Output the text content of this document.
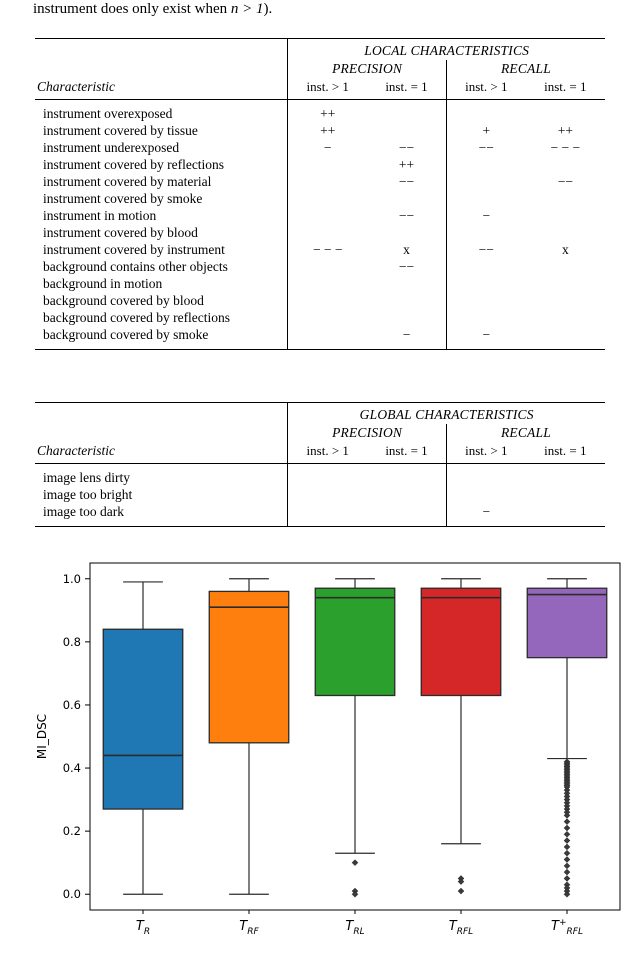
instrument does only exist when n > 1).

	LOCAL CHARACTERISTICS			
	PRECISION		RECALL	
Characteristic	inst. > 1	inst. = 1	inst. > 1	inst. = 1
instrument overexposed	++			
instrument covered by tissue	++		+	++
instrument underexposed	−	−−	−−	− − −
instrument covered by reflections		++		
instrument covered by material		−−		−−
instrument covered by smoke				
instrument in motion		−−	−	
instrument covered by blood				
instrument covered by instrument	− − −	x	−−	x
background contains other objects		−−		
background in motion				
background covered by blood				
background covered by reflections				
background covered by smoke		−	−	
	GLOBAL CHARACTERISTICS			
	PRECISION		RECALL	
Characteristic	inst. > 1	inst. = 1	inst. > 1	inst. = 1
image lens dirty				
image too bright				
image too dark			−	
0.0
0.2
0.4
0.6
0.8
1.0
MI_DSC
$T_R$	$T_{RF}$	$T_{RL}$	$T_{RFL}$	$T^+_{RFL}$
